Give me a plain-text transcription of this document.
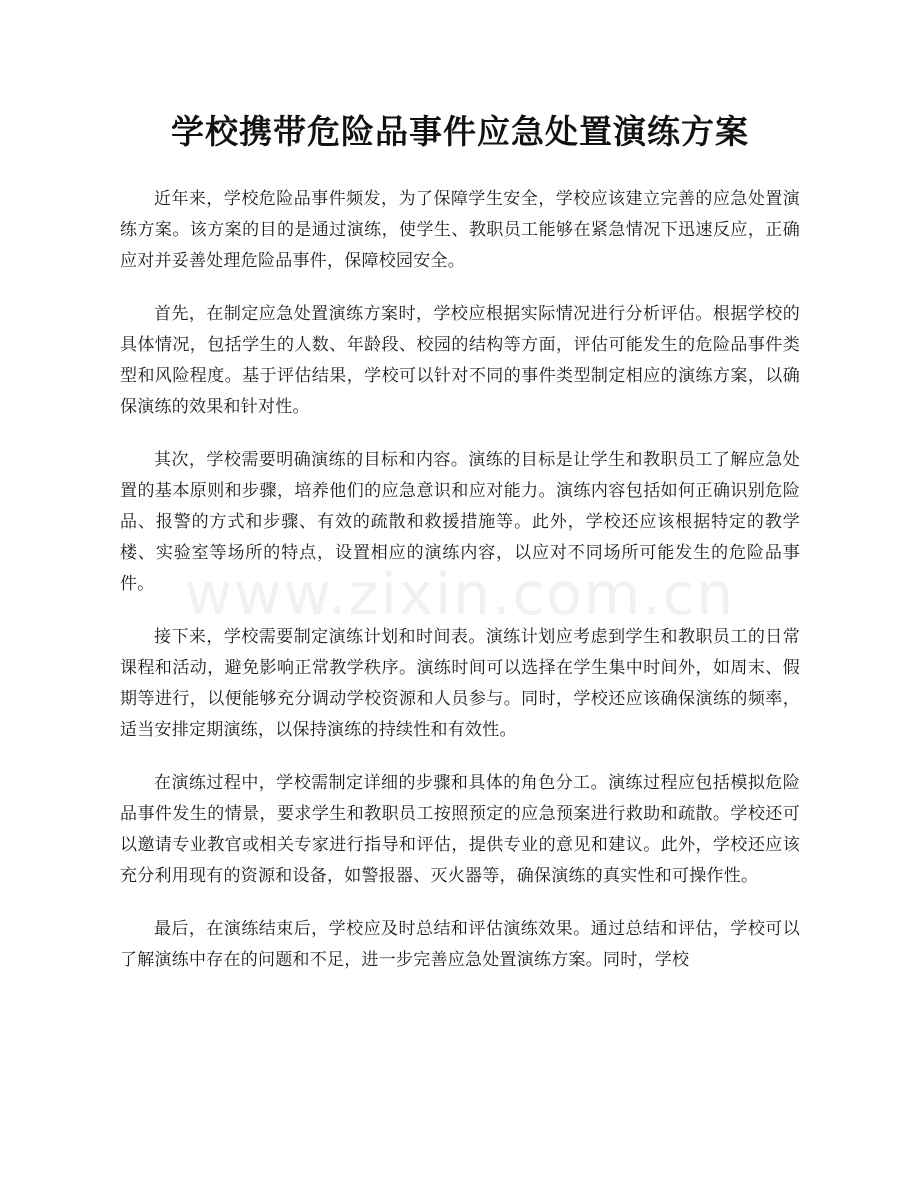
学校携带危险品事件应急处置演练方案

近年来，学校危险品事件频发，为了保障学生安全，学校应该建立完善的应急处置演练方案。该方案的目的是通过演练，使学生、教职员工能够在紧急情况下迅速反应，正确应对并妥善处理危险品事件，保障校园安全。

首先，在制定应急处置演练方案时，学校应根据实际情况进行分析评估。根据学校的具体情况，包括学生的人数、年龄段、校园的结构等方面，评估可能发生的危险品事件类型和风险程度。基于评估结果，学校可以针对不同的事件类型制定相应的演练方案，以确保演练的效果和针对性。

其次，学校需要明确演练的目标和内容。演练的目标是让学生和教职员工了解应急处置的基本原则和步骤，培养他们的应急意识和应对能力。演练内容包括如何正确识别危险品、报警的方式和步骤、有效的疏散和救援措施等。此外，学校还应该根据特定的教学楼、实验室等场所的特点，设置相应的演练内容，以应对不同场所可能发生的危险品事件。

接下来，学校需要制定演练计划和时间表。演练计划应考虑到学生和教职员工的日常课程和活动，避免影响正常教学秩序。演练时间可以选择在学生集中时间外，如周末、假期等进行，以便能够充分调动学校资源和人员参与。同时，学校还应该确保演练的频率，适当安排定期演练，以保持演练的持续性和有效性。

在演练过程中，学校需制定详细的步骤和具体的角色分工。演练过程应包括模拟危险品事件发生的情景，要求学生和教职员工按照预定的应急预案进行救助和疏散。学校还可以邀请专业教官或相关专家进行指导和评估，提供专业的意见和建议。此外，学校还应该充分利用现有的资源和设备，如警报器、灭火器等，确保演练的真实性和可操作性。

最后，在演练结束后，学校应及时总结和评估演练效果。通过总结和评估，学校可以了解演练中存在的问题和不足，进一步完善应急处置演练方案。同时，学校

www.zixin.com.cn
